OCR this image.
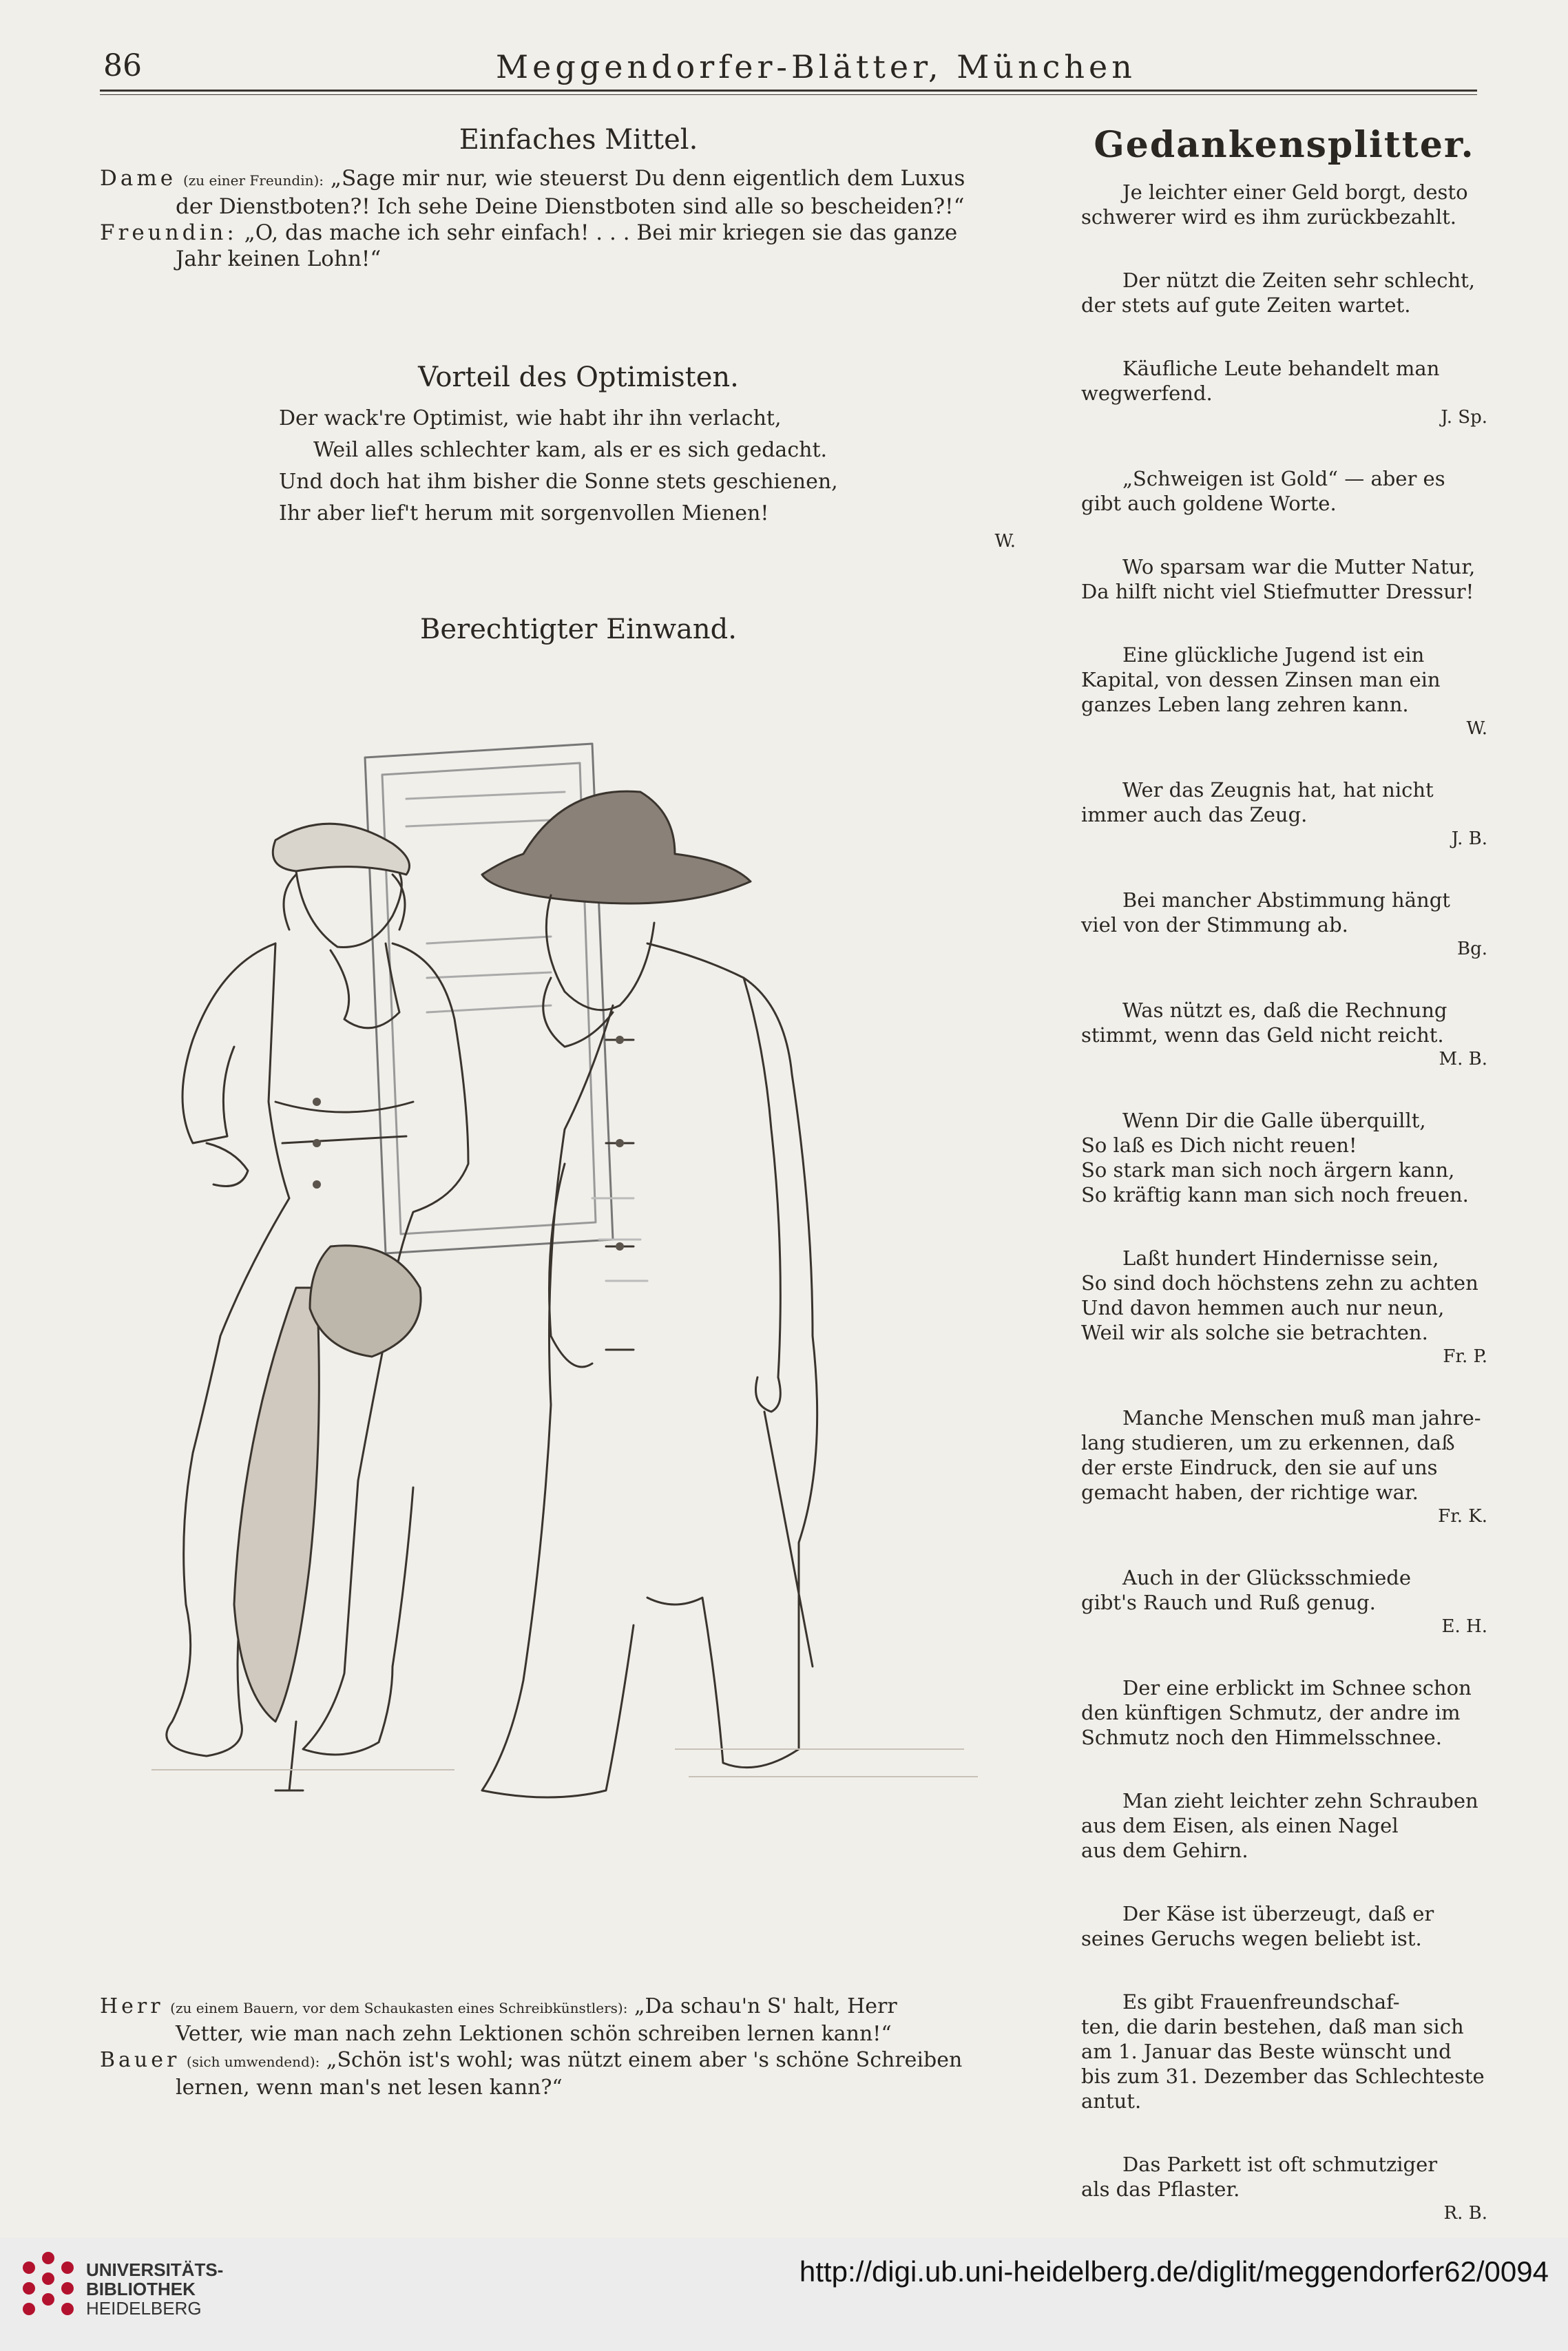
86	Meggendorfer-Blätter, München
Einfaches Mittel.

Dame (zu einer Freundin): „Sage mir nur, wie steuerst Du denn eigentlich dem Luxus

der Dienstboten?! Ich sehe Deine Dienstboten sind alle so bescheiden?!“

Freundin: „O, das mache ich sehr einfach! . . . Bei mir kriegen sie das ganze

Jahr keinen Lohn!“

Vorteil des Optimisten.

Der wack're Optimist, wie habt ihr ihn verlacht,

Weil alles schlechter kam, als er es sich gedacht.

Und doch hat ihm bisher die Sonne stets geschienen,

Ihr aber lief't herum mit sorgenvollen Mienen!

W.

Berechtigter Einwand.

Herr (zu einem Bauern, vor dem Schaukasten eines Schreibkünstlers): „Da schau'n S' halt, Herr

Vetter, wie man nach zehn Lektionen schön schreiben lernen kann!“

Bauer (sich umwendend): „Schön ist's wohl; was nützt einem aber 's schöne Schreiben

lernen, wenn man's net lesen kann?“

Gedankensplitter.

Je leichter einer Geld borgt, desto

schwerer wird es ihm zurückbezahlt.

Der nützt die Zeiten sehr schlecht,

der stets auf gute Zeiten wartet.

Käufliche Leute behandelt man

wegwerfend.

J. Sp.

„Schweigen ist Gold“ — aber es

gibt auch goldene Worte.

Wo sparsam war die Mutter Natur,

Da hilft nicht viel Stiefmutter Dressur!

Eine glückliche Jugend ist ein

Kapital, von dessen Zinsen man ein

ganzes Leben lang zehren kann.

W.

Wer das Zeugnis hat, hat nicht

immer auch das Zeug.

J. B.

Bei mancher Abstimmung hängt

viel von der Stimmung ab.

Bg.

Was nützt es, daß die Rechnung

stimmt, wenn das Geld nicht reicht.

M. B.

Wenn Dir die Galle überquillt,

So laß es Dich nicht reuen!

So stark man sich noch ärgern kann,

So kräftig kann man sich noch freuen.

Laßt hundert Hindernisse sein,

So sind doch höchstens zehn zu achten

Und davon hemmen auch nur neun,

Weil wir als solche sie betrachten.

Fr. P.

Manche Menschen muß man jahre-

lang studieren, um zu erkennen, daß

der erste Eindruck, den sie auf uns

gemacht haben, der richtige war.

Fr. K.

Auch in der Glücksschmiede

gibt's Rauch und Ruß genug.

E. H.

Der eine erblickt im Schnee schon

den künftigen Schmutz, der andre im

Schmutz noch den Himmelsschnee.

Man zieht leichter zehn Schrauben

aus dem Eisen, als einen Nagel

aus dem Gehirn.

Der Käse ist überzeugt, daß er

seines Geruchs wegen beliebt ist.

Es gibt Frauenfreundschaf-

ten, die darin bestehen, daß man sich

am 1. Januar das Beste wünscht und

bis zum 31. Dezember das Schlechteste

antut.

Das Parkett ist oft schmutziger

als das Pflaster.

R. B.

UNIVERSITÄTS-
BIBLIOTHEK
HEIDELBERG
http://digi.ub.uni-heidelberg.de/diglit/meggendorfer62/0094
